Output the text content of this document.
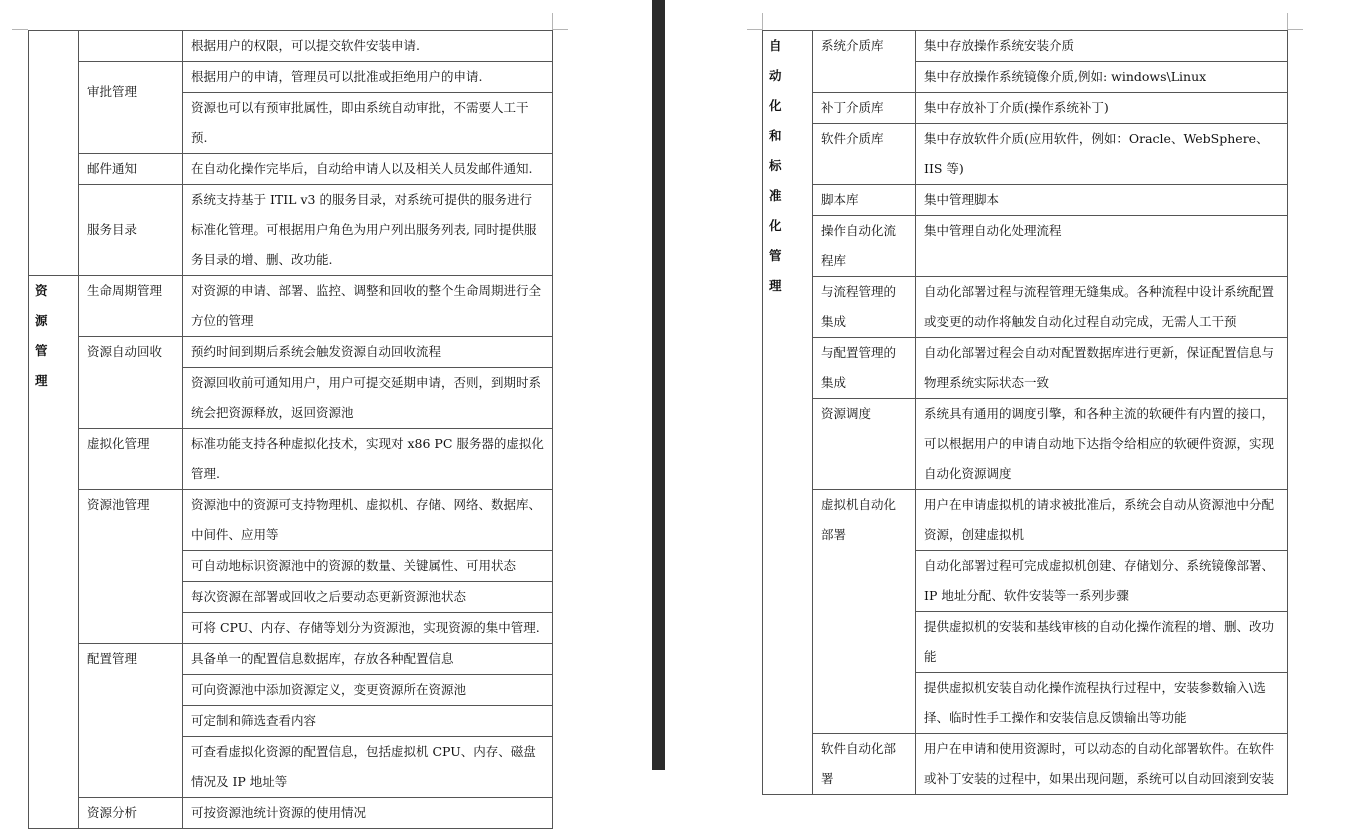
		根据用户的权限，可以提交软件安装申请.

	审批管理	根据用户的申请，管理员可以批准或拒绝用户的申请.
		资源也可以有预审批属性，即由系统自动审批，不需要人工干预.
	邮件通知	在自动化操作完毕后，自动给申请人以及相关人员发邮件通知.

	服务目录	系统支持基于 ITIL v3 的服务目录，对系统可提供的服务进行标准化管理。可根据用户角色为用户列出服务列表, 同时提供服务目录的增、删、改功能.
资源管理	生命周期管理	对资源的申请、部署、监控、调整和回收的整个生命周期进行全方位的管理
	资源自动回收	预约时间到期后系统会触发资源自动回收流程
		资源回收前可通知用户，用户可提交延期申请，否则，到期时系统会把资源释放，返回资源池
	虚拟化管理	标准功能支持各种虚拟化技术，实现对 x86 PC 服务器的虚拟化管理.
	资源池管理	资源池中的资源可支持物理机、虚拟机、存储、网络、数据库、中间件、应用等
		可自动地标识资源池中的资源的数量、关键属性、可用状态
		每次资源在部署或回收之后要动态更新资源池状态
		可将 CPU、内存、存储等划分为资源池，实现资源的集中管理.
	配置管理	具备单一的配置信息数据库，存放各种配置信息
		可向资源池中添加资源定义，变更资源所在资源池
		可定制和筛选查看内容
		可查看虚拟化资源的配置信息，包括虚拟机 CPU、内存、磁盘情况及 IP 地址等
	资源分析	可按资源池统计资源的使用情况
自动化和标准化管理	系统介质库	集中存放操作系统安装介质
		集中存放操作系统镜像介质,例如: windows\Linux
	补丁介质库	集中存放补丁介质(操作系统补丁)
	软件介质库	集中存放软件介质(应用软件，例如：Oracle、WebSphere、IIS 等)
	脚本库	集中管理脚本
	操作自动化流程库	集中管理自动化处理流程
	与流程管理的集成	自动化部署过程与流程管理无缝集成。各种流程中设计系统配置或变更的动作将触发自动化过程自动完成，无需人工干预
	与配置管理的集成	自动化部署过程会自动对配置数据库进行更新，保证配置信息与物理系统实际状态一致
	资源调度	系统具有通用的调度引擎，和各种主流的软硬件有内置的接口，可以根据用户的申请自动地下达指令给相应的软硬件资源，实现自动化资源调度
	虚拟机自动化部署	用户在申请虚拟机的请求被批准后，系统会自动从资源池中分配资源，创建虚拟机
		自动化部署过程可完成虚拟机创建、存储划分、系统镜像部署、IP 地址分配、软件安装等一系列步骤
		提供虚拟机的安装和基线审核的自动化操作流程的增、删、改功能
		提供虚拟机安装自动化操作流程执行过程中，安装参数输入\选择、临时性手工操作和安装信息反馈输出等功能
	软件自动化部署	用户在申请和使用资源时，可以动态的自动化部署软件。在软件或补丁安装的过程中，如果出现问题，系统可以自动回滚到安装
